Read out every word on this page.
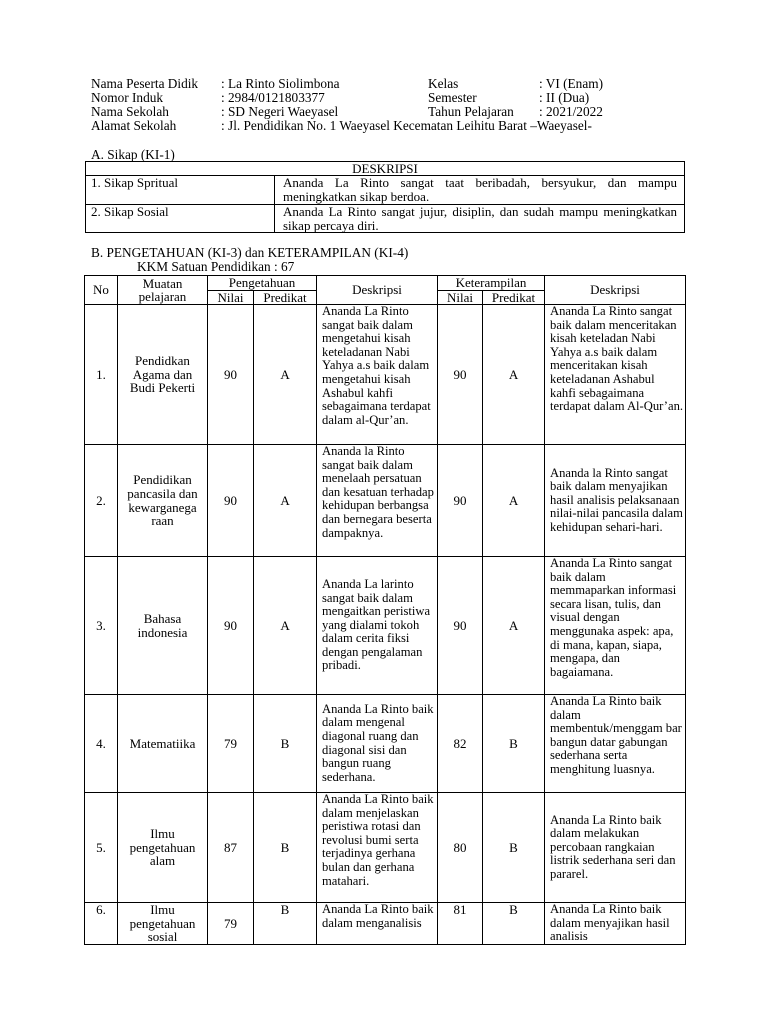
Nama Peserta Didik : La Rinto Siolimbona	Kelas	: VI (Enam)
Nomor Induk	: 2984/0121803377	Semester	: II (Dua)
Nama Sekolah	: SD Negeri Waeyasel	Tahun Pelajaran : 2021/2022
Alamat Sekolah	: Jl. Pendidikan No. 1 Waeyasel Kecematan Leihitu Barat –Waeyasel-
A. Sikap (KI-1)
DESKRIPSI	
1. Sikap Spritual	Ananda La Rinto sangat taat beribadah, bersyukur, dan mampu meningkatkan sikap berdoa.
2. Sikap Sosial	Ananda La Rinto sangat jujur, disiplin, dan sudah mampu meningkatkan sikap percaya diri.
B. PENGETAHUAN (KI-3) dan KETERAMPILAN (KI-4)
KKM Satuan Pendidikan : 67
No	Muatan pelajaran	Pengetahuan		Deskripsi	Keterampilan		Deskripsi
		Nilai	Predikat		Nilai	Predikat	
1.	Pendidkan Agama dan Budi Pekerti	90	A	Ananda La Rinto sangat baik dalam mengetahui kisah keteladanan Nabi Yahya a.s baik dalam mengetahui kisah Ashabul kahfi sebagaimana terdapat dalam al-Qur’an.	90	A	Ananda La Rinto sangat baik dalam menceritakan kisah keteladan Nabi Yahya a.s baik dalam menceritakan kisah keteladanan Ashabul kahfi sebagaimana terdapat dalam Al-Qur’an.
2.	Pendidikan pancasila dan kewarganega raan	90	A	Ananda la Rinto sangat baik dalam menelaah persatuan dan kesatuan terhadap kehidupan berbangsa dan bernegara beserta dampaknya.	90	A	Ananda la Rinto sangat baik dalam menyajikan hasil analisis pelaksanaan nilai-nilai pancasila dalam kehidupan sehari-hari.
3.	Bahasa indonesia	90	A	Ananda La larinto sangat baik dalam mengaitkan peristiwa yang dialami tokoh dalam cerita fiksi dengan pengalaman pribadi.	90	A	Ananda La Rinto sangat baik dalam memmaparkan informasi secara lisan, tulis, dan visual dengan menggunaka aspek: apa, di mana, kapan, siapa, mengapa, dan bagaiamana.
4.	Matematiika	79	B	Ananda La Rinto baik dalam mengenal diagonal ruang dan diagonal sisi dan bangun ruang sederhana.	82	B	Ananda La Rinto baik dalam membentuk/menggam bar bangun datar gabungan sederhana serta menghitung luasnya.
5.	Ilmu pengetahuan alam	87	B	Ananda La Rinto baik dalam menjelaskan peristiwa rotasi dan revolusi bumi serta terjadinya gerhana bulan dan gerhana matahari.	80	B	Ananda La Rinto baik dalam melakukan percobaan rangkaian listrik sederhana seri dan pararel.
6.	Ilmu pengetahuan sosial	79	B	Ananda La Rinto baik dalam menganalisis	81	B	Ananda La Rinto baik dalam menyajikan hasil analisis
